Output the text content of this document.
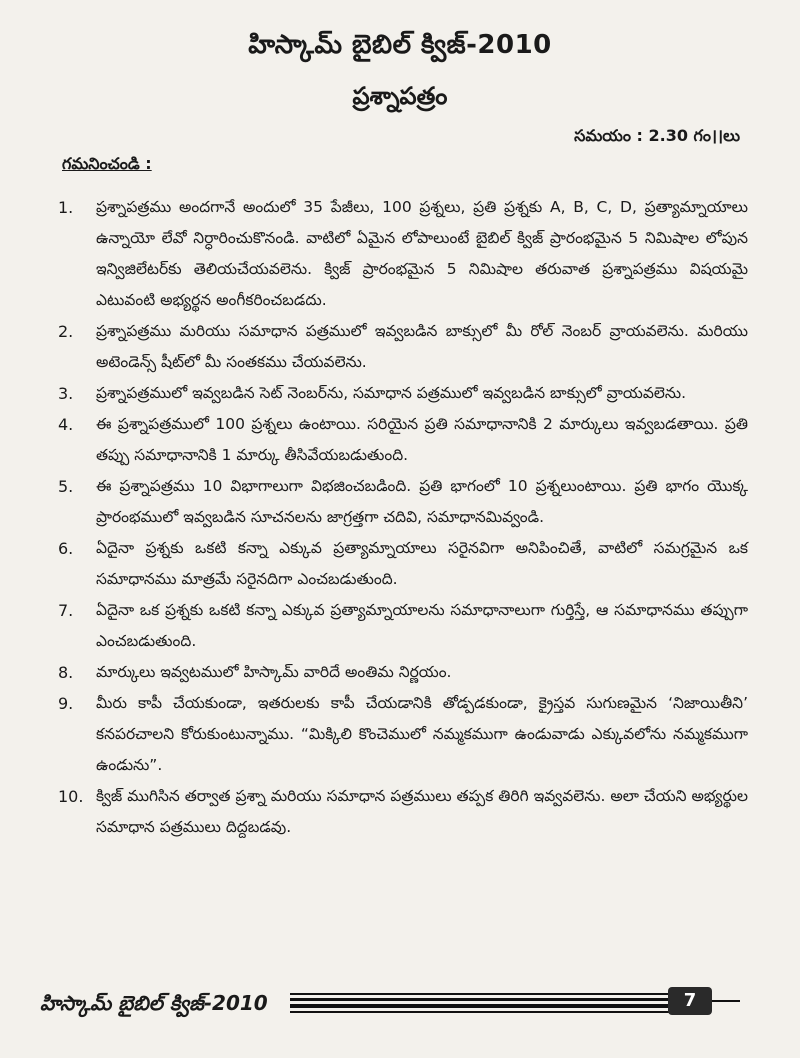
హిస్కామ్ బైబిల్ క్విజ్-2010
ప్రశ్నాపత్రం
సమయం : 2.30 గం।।లు
గమనించండి :
1. ప్రశ్నాపత్రము అందగానే అందులో 35 పేజీలు, 100 ప్రశ్నలు, ప్రతి ప్రశ్నకు A, B, C, D, ప్రత్యామ్నాయాలు ఉన్నాయో లేవో నిర్ధారించుకొనండి. వాటిలో ఏమైన లోపాలుంటే బైబిల్ క్విజ్ ప్రారంభమైన 5 నిమిషాల లోపున ఇన్విజిలేటర్‌కు తెలియచేయవలెను. క్విజ్ ప్రారంభమైన 5 నిమిషాల తరువాత ప్రశ్నాపత్రము విషయమై ఎటువంటి అభ్యర్థన అంగీకరించబడదు.
2. ప్రశ్నాపత్రము మరియు సమాధాన పత్రములో ఇవ్వబడిన బాక్సులో మీ రోల్ నెంబర్ వ్రాయవలెను. మరియు అటెండెన్స్ షీట్‌లో మీ సంతకము చేయవలెను.
3. ప్రశ్నాపత్రములో ఇవ్వబడిన సెట్ నెంబర్‌ను, సమాధాన పత్రములో ఇవ్వబడిన బాక్సులో వ్రాయవలెను.
4. ఈ ప్రశ్నాపత్రములో 100 ప్రశ్నలు ఉంటాయి. సరియైన ప్రతి సమాధానానికి 2 మార్కులు ఇవ్వబడతాయి. ప్రతి తప్పు సమాధానానికి 1 మార్కు తీసివేయబడుతుంది.
5. ఈ ప్రశ్నాపత్రము 10 విభాగాలుగా విభజించబడింది. ప్రతి భాగంలో 10 ప్రశ్నలుంటాయి. ప్రతి భాగం యొక్క ప్రారంభములో ఇవ్వబడిన సూచనలను జాగ్రత్తగా చదివి, సమాధానమివ్వండి.
6. ఏదైనా ప్రశ్నకు ఒకటి కన్నా ఎక్కువ ప్రత్యామ్నాయాలు సరైనవిగా అనిపించితే, వాటిలో సమగ్రమైన ఒక సమాధానము మాత్రమే సరైనదిగా ఎంచబడుతుంది.
7. ఏదైనా ఒక ప్రశ్నకు ఒకటి కన్నా ఎక్కువ ప్రత్యామ్నాయాలను సమాధానాలుగా గుర్తిస్తే, ఆ సమాధానము తప్పుగా ఎంచబడుతుంది.
8. మార్కులు ఇవ్వటములో హిస్కామ్ వారిదే అంతిమ నిర్ణయం.
9. మీరు కాపీ చేయకుండా, ఇతరులకు కాపీ చేయడానికి తోడ్పడకుండా, క్రైస్తవ సుగుణమైన ‘నిజాయితీని’ కనపరచాలని కోరుకుంటున్నాము. “మిక్కిలి కొంచెములో నమ్మకముగా ఉండువాడు ఎక్కువలోను నమ్మకముగా ఉండును”.
10. క్విజ్ ముగిసిన తర్వాత ప్రశ్నా మరియు సమాధాన పత్రములు తప్పక తిరిగి ఇవ్వవలెను. అలా చేయని అభ్యర్థుల సమాధాన పత్రములు దిద్దబడవు.
హిస్కామ్ బైబిల్ క్విజ్-2010	7
